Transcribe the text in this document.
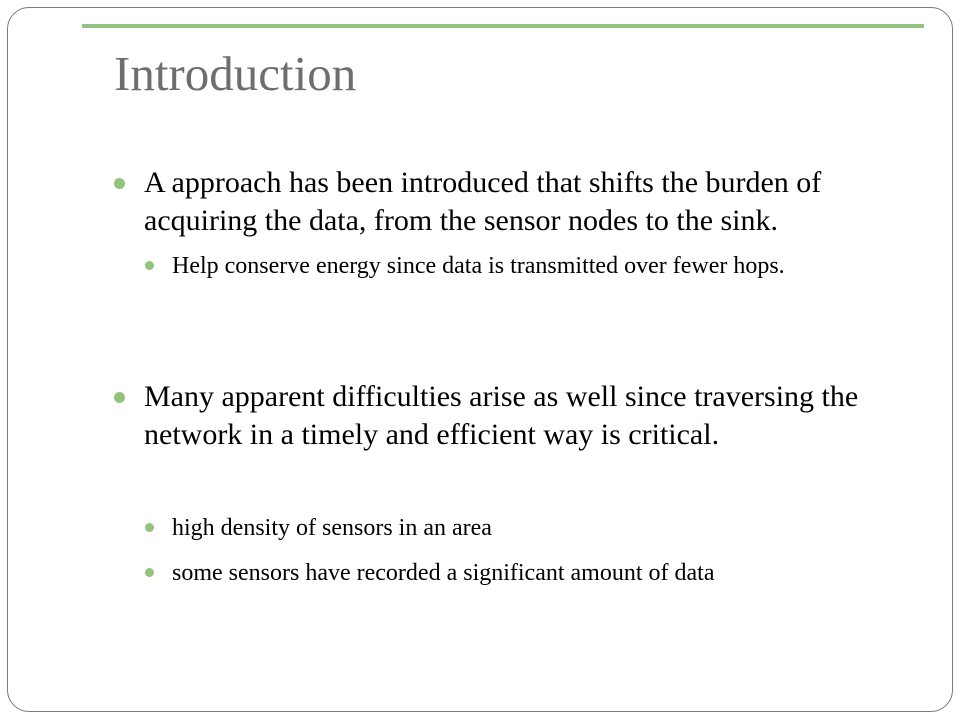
Introduction
A approach has been introduced that shifts the burden of acquiring the data, from the sensor nodes to the sink.
Help conserve energy since data is transmitted over fewer hops.
Many apparent difficulties arise as well since traversing the network in a timely and efficient way is critical.
high density of sensors in an area
some sensors have recorded a significant amount of data
